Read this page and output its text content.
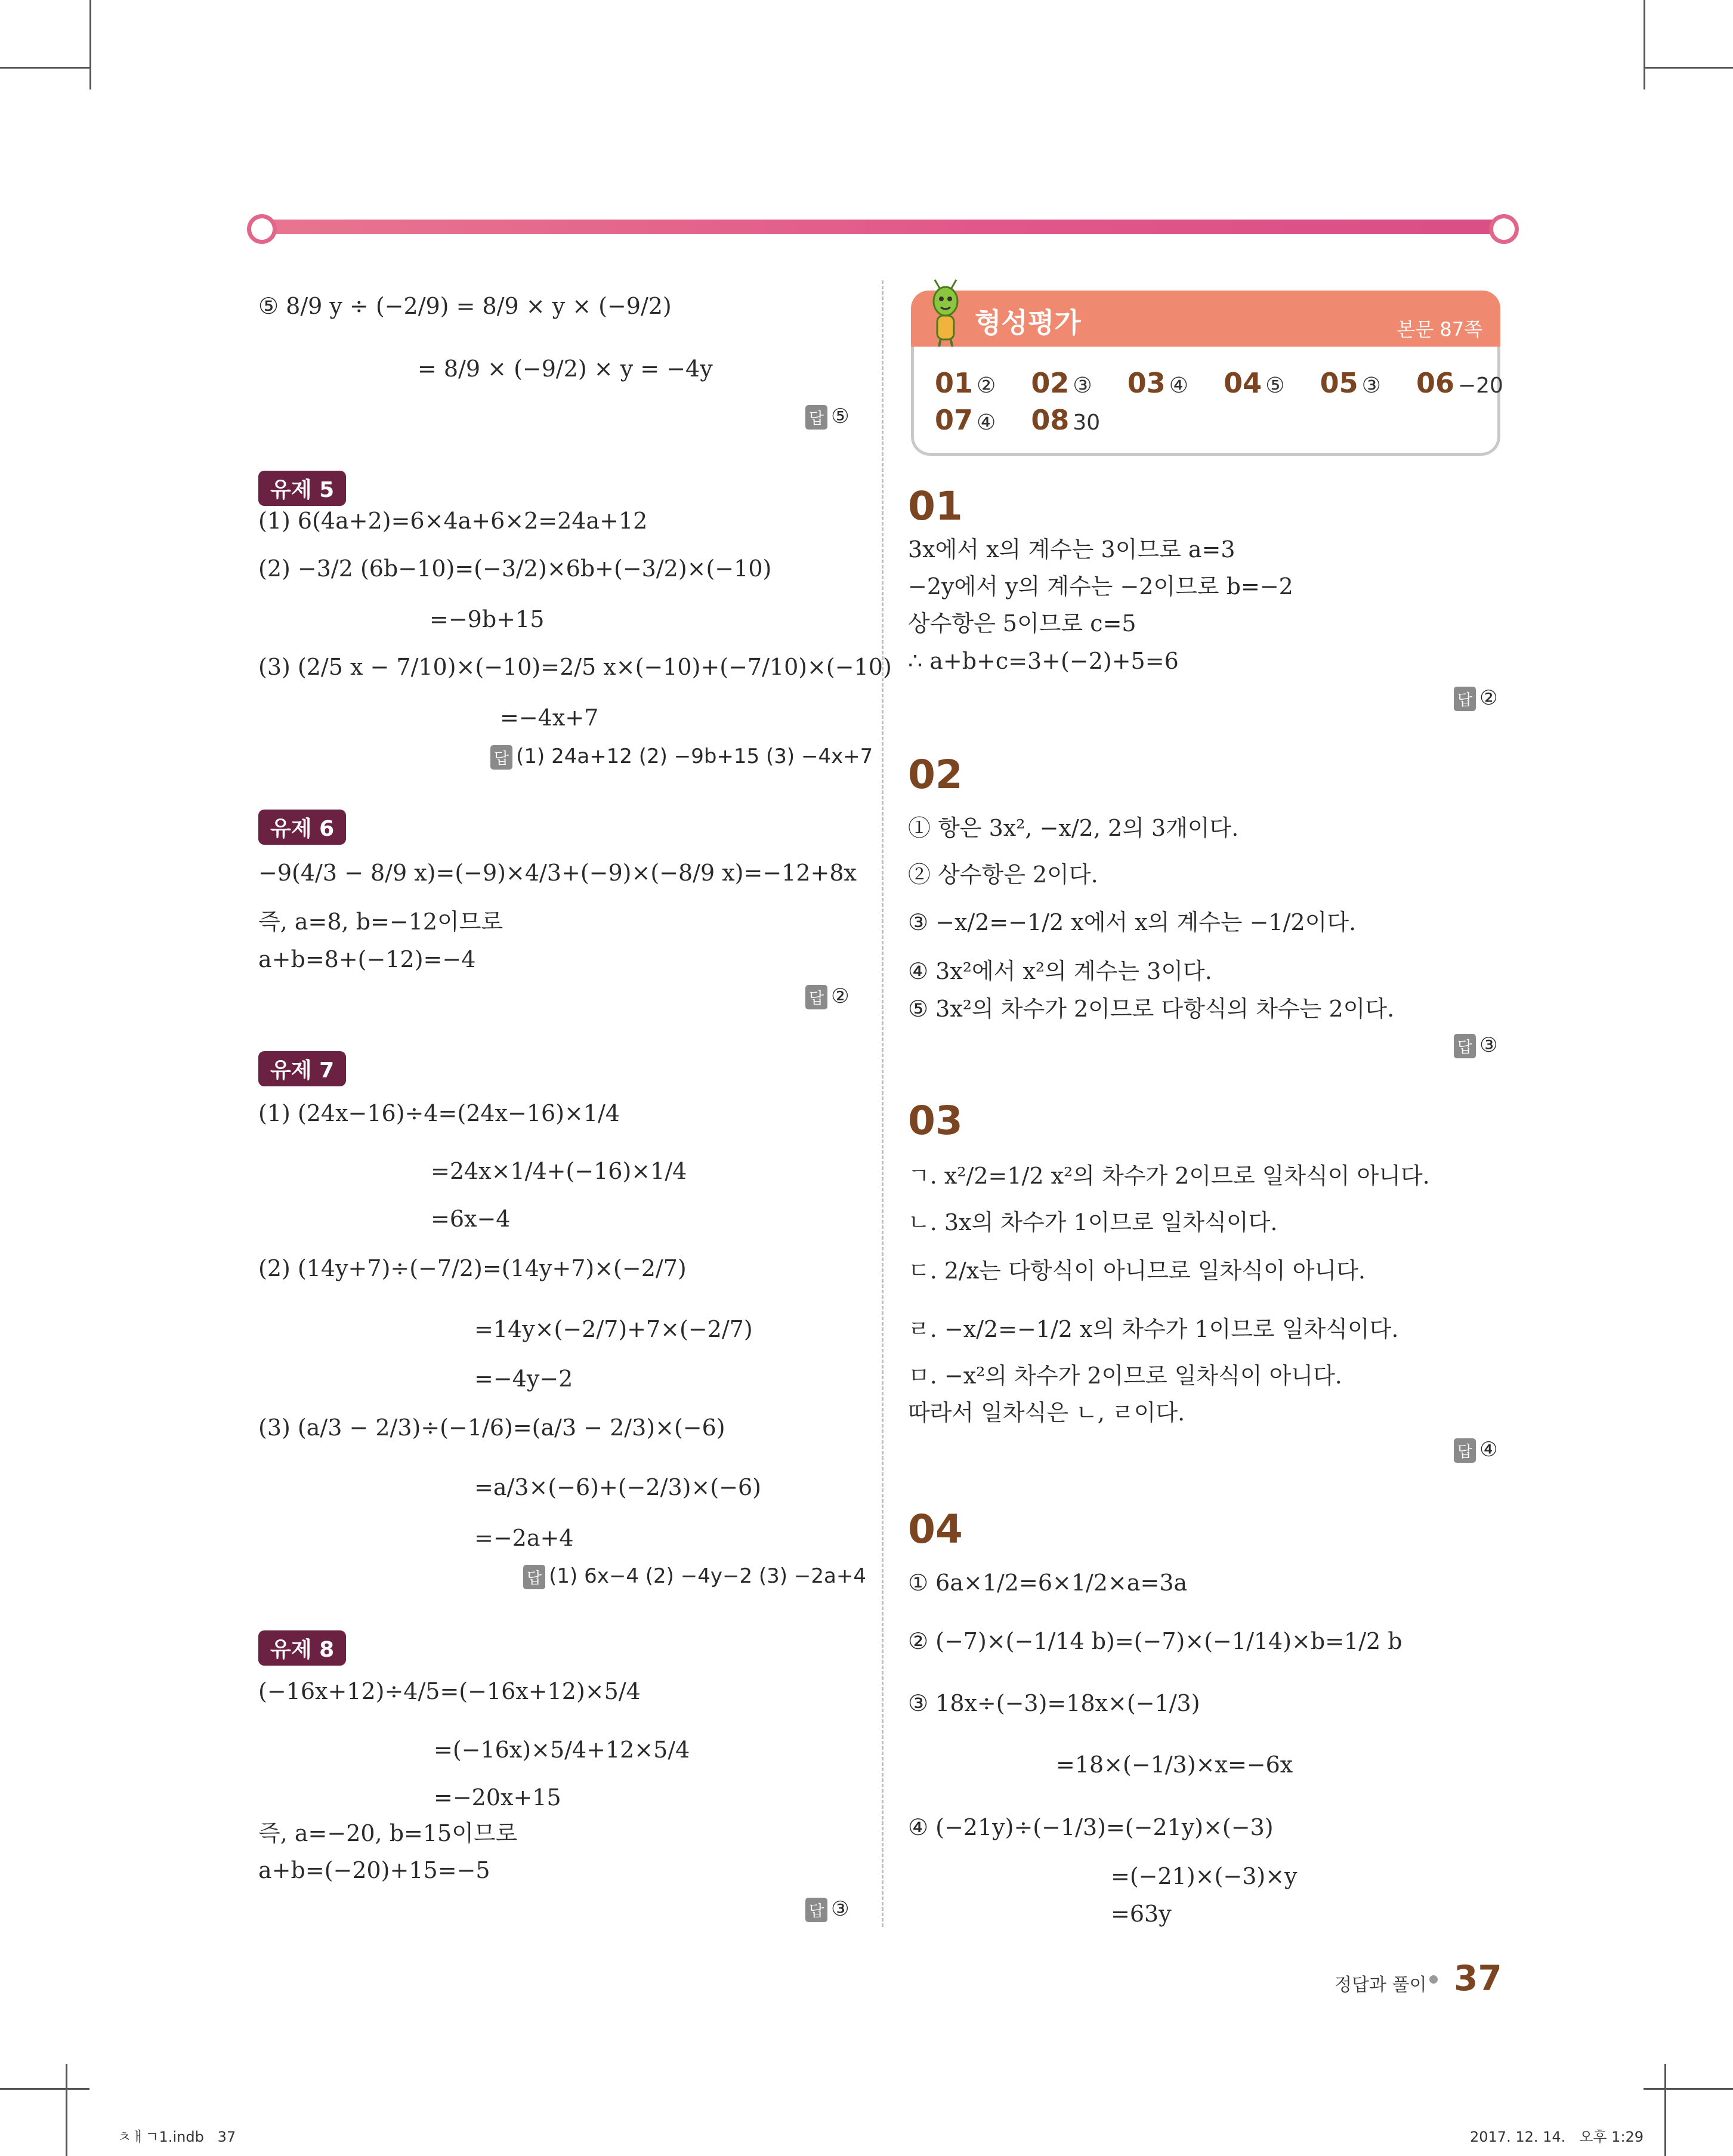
⑤ 8/9 y ÷ (−2/9) = 8/9 × y × (−9/2)
= 8/9 × (−9/2) × y = −4y
답 ⑤
유제 5
(1) 6(4a+2)=6×4a+6×2=24a+12
(2) −3/2 (6b−10)=(−3/2)×6b+(−3/2)×(−10)
=−9b+15
(3) (2/5 x − 7/10)×(−10)=2/5 x×(−10)+(−7/10)×(−10)
=−4x+7
답 (1) 24a+12 (2) −9b+15 (3) −4x+7
유제 6
−9(4/3 − 8/9 x)=(−9)×4/3+(−9)×(−8/9 x)=−12+8x
즉, a=8, b=−12이므로
a+b=8+(−12)=−4
답 ②
유제 7
(1) (24x−16)÷4=(24x−16)×1/4
=24x×1/4+(−16)×1/4
=6x−4
(2) (14y+7)÷(−7/2)=(14y+7)×(−2/7)
=14y×(−2/7)+7×(−2/7)
=−4y−2
(3) (a/3 − 2/3)÷(−1/6)=(a/3 − 2/3)×(−6)
=a/3×(−6)+(−2/3)×(−6)
=−2a+4
답 (1) 6x−4 (2) −4y−2 (3) −2a+4
유제 8
(−16x+12)÷4/5=(−16x+12)×5/4
=(−16x)×5/4+12×5/4
=−20x+15
즉, a=−20, b=15이므로
a+b=(−20)+15=−5
답 ③
형성평가	본문 87쪽
01 ② 02 ③ 03 ④ 04 ⑤ 05 ③ 06 −20
07 ④ 08 30
01
3x에서 x의 계수는 3이므로 a=3
−2y에서 y의 계수는 −2이므로 b=−2
상수항은 5이므로 c=5
∴ a+b+c=3+(−2)+5=6
답 ②
02
① 항은 3x², −x/2, 2의 3개이다.
② 상수항은 2이다.
③ −x/2=−1/2 x에서 x의 계수는 −1/2이다.
④ 3x²에서 x²의 계수는 3이다.
⑤ 3x²의 차수가 2이므로 다항식의 차수는 2이다.
답 ③
03
ㄱ. x²/2=1/2 x²의 차수가 2이므로 일차식이 아니다.
ㄴ. 3x의 차수가 1이므로 일차식이다.
ㄷ. 2/x는 다항식이 아니므로 일차식이 아니다.
ㄹ. −x/2=−1/2 x의 차수가 1이므로 일차식이다.
ㅁ. −x²의 차수가 2이므로 일차식이 아니다.
따라서 일차식은 ㄴ, ㄹ이다.
답 ④
04
① 6a×1/2=6×1/2×a=3a
② (−7)×(−1/14 b)=(−7)×(−1/14)×b=1/2 b
③ 18x÷(−3)=18x×(−1/3)
=18×(−1/3)×x=−6x
④ (−21y)÷(−1/3)=(−21y)×(−3)
=(−21)×(−3)×y
=63y
정답과 풀이 37
ㅊㅐㄱ1.indb   37	2017. 12. 14.   오후 1:29
